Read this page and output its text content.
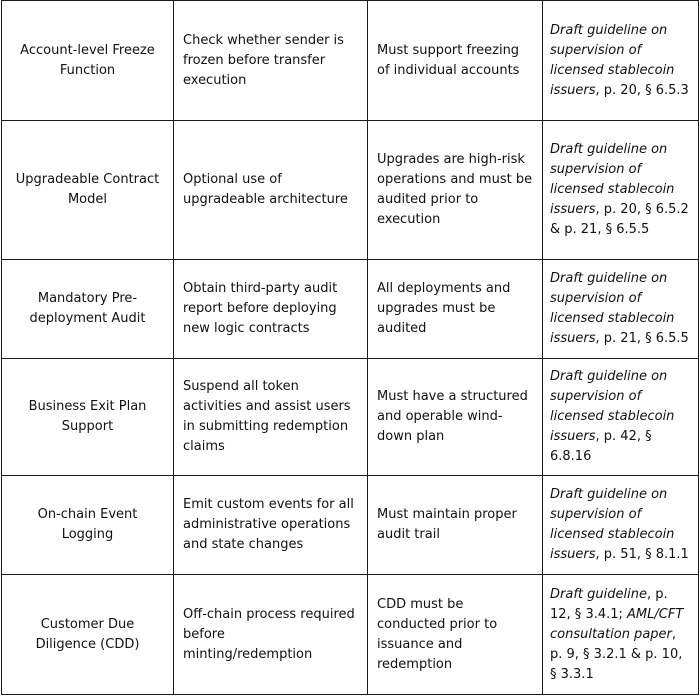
Account-level Freeze Function	Check whether sender is frozen before transfer execution	Must support freezing of individual accounts	Draft guideline on supervision of licensed stablecoin issuers, p. 20, § 6.5.3
Upgradeable Contract Model	Optional use of upgradeable architecture	Upgrades are high-risk operations and must be audited prior to execution	Draft guideline on supervision of licensed stablecoin issuers, p. 20, § 6.5.2 & p. 21, § 6.5.5
Mandatory Pre-deployment Audit	Obtain third-party audit report before deploying new logic contracts	All deployments and upgrades must be audited	Draft guideline on supervision of licensed stablecoin issuers, p. 21, § 6.5.5
Business Exit Plan Support	Suspend all token activities and assist users in submitting redemption claims	Must have a structured and operable wind-down plan	Draft guideline on supervision of licensed stablecoin issuers, p. 42, § 6.8.16
On-chain Event Logging	Emit custom events for all administrative operations and state changes	Must maintain proper audit trail	Draft guideline on supervision of licensed stablecoin issuers, p. 51, § 8.1.1
Customer Due Diligence (CDD)	Off-chain process required before minting/redemption	CDD must be conducted prior to issuance and redemption	Draft guideline, p. 12, § 3.4.1; AML/CFT consultation paper, p. 9, § 3.2.1 & p. 10, § 3.3.1
